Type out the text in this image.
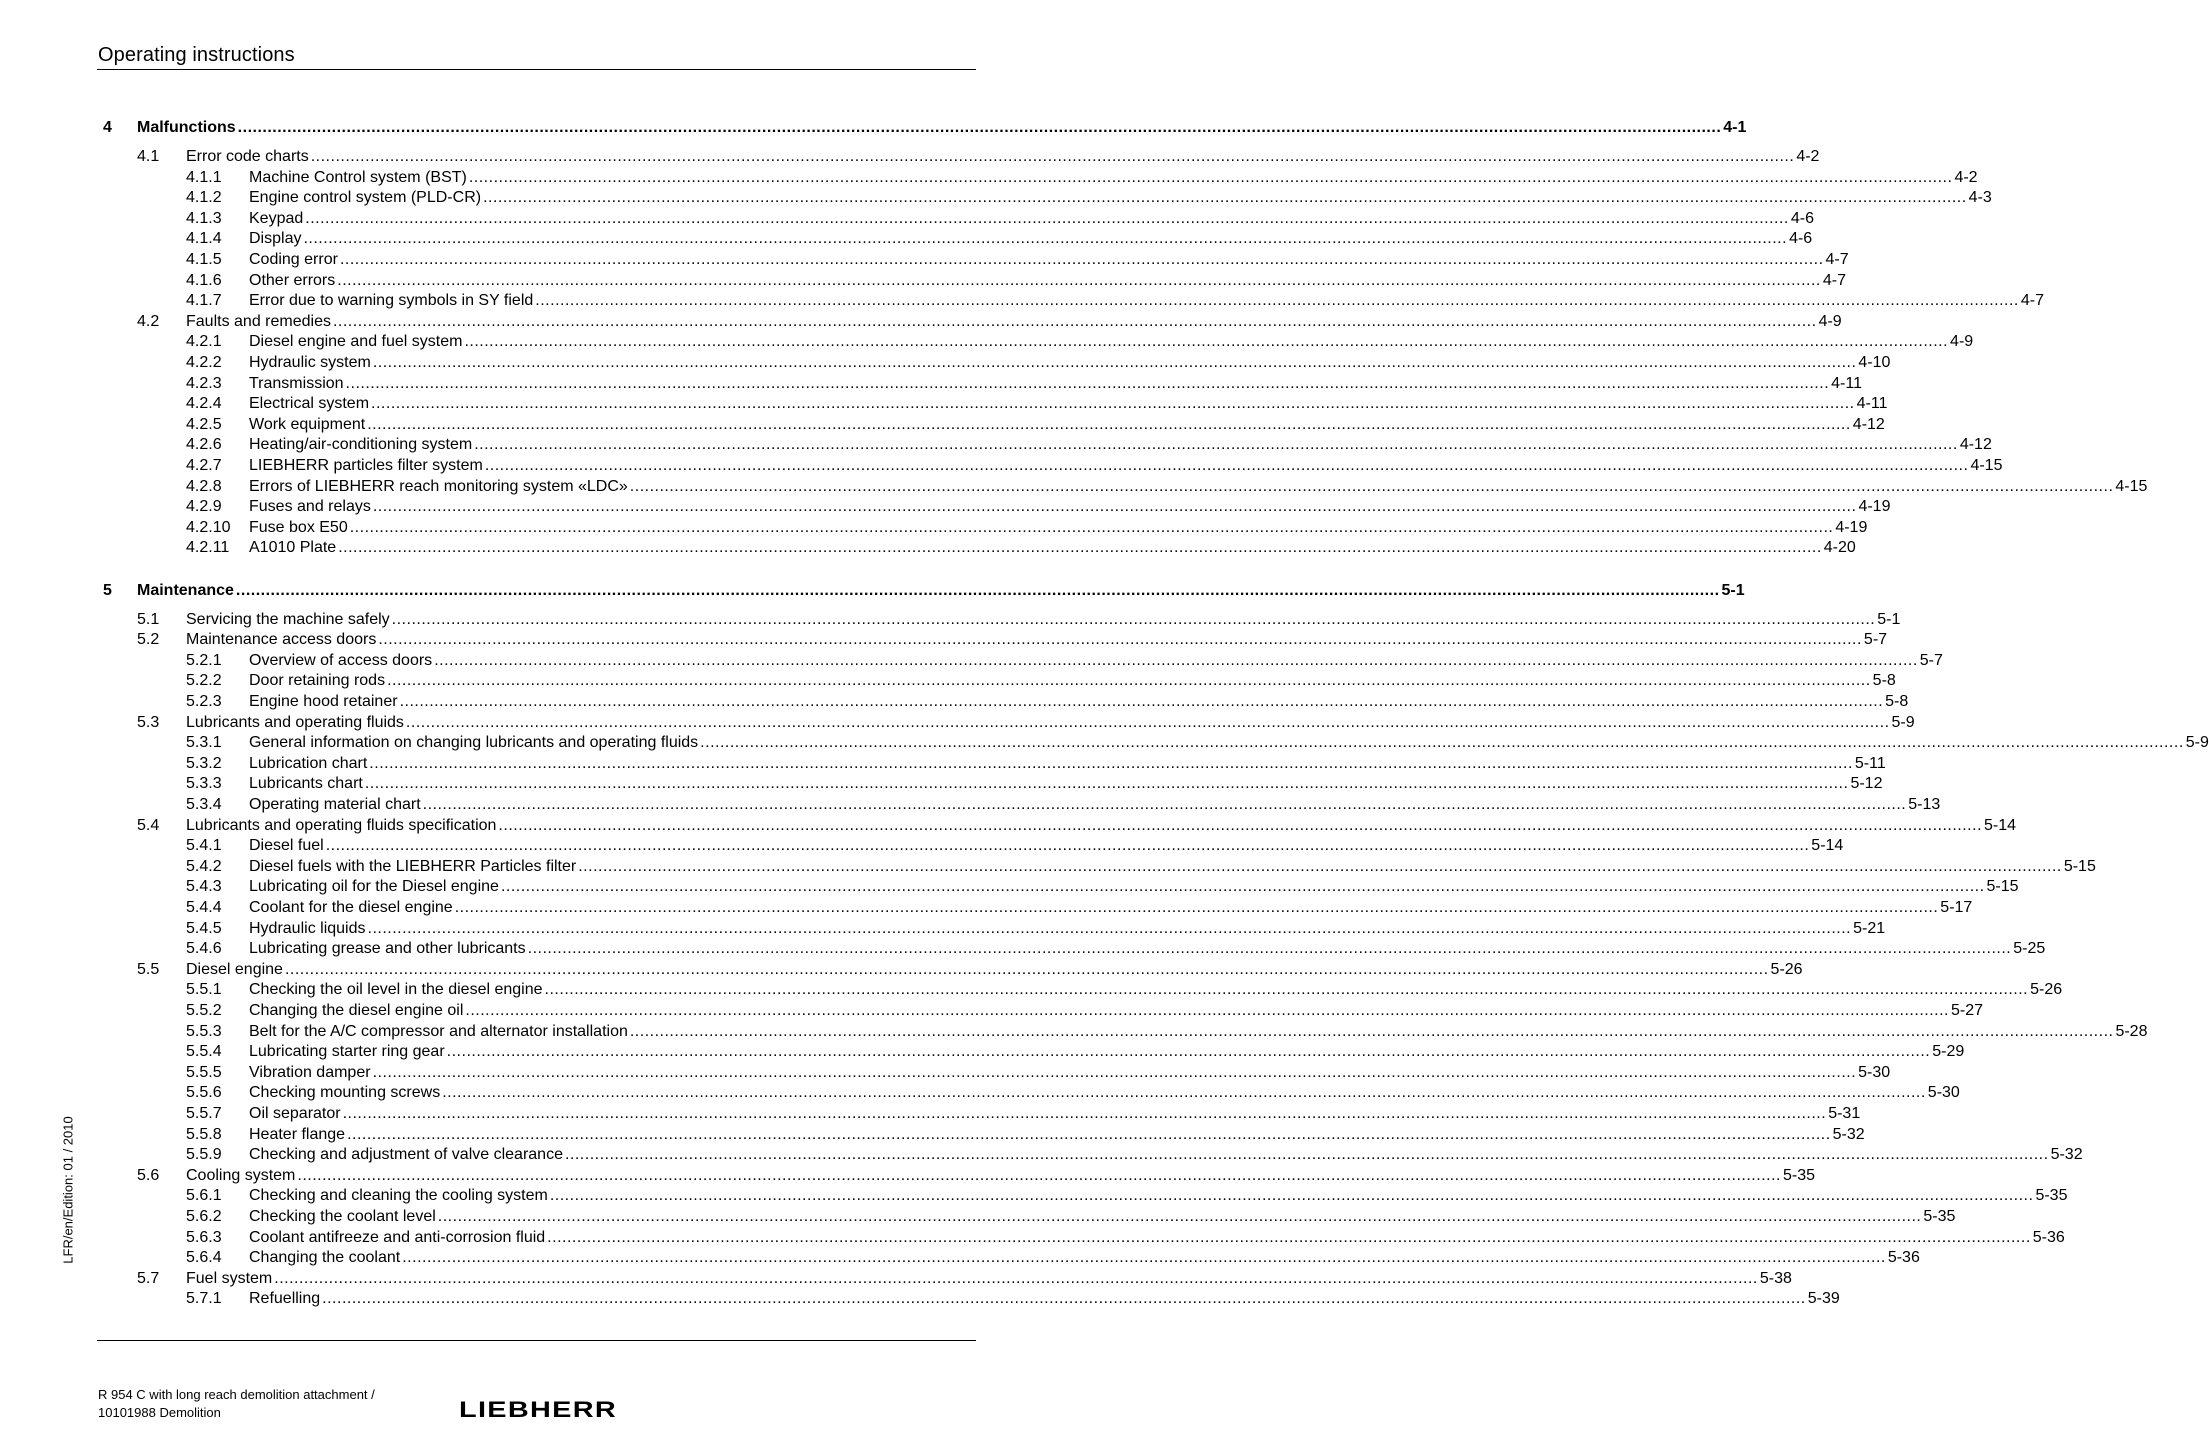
Operating instructions
4 Malfunctions ............................................................................................................................................................................................................................................................................................................ 4-1
4.1 Error code charts ............................................................................................................................................................................................................................................................................................................ 4-2
4.1.1 Machine Control system (BST) ............................................................................................................................................................................................................................................................................................................ 4-2
4.1.2 Engine control system (PLD-CR) ............................................................................................................................................................................................................................................................................................................ 4-3
4.1.3 Keypad ............................................................................................................................................................................................................................................................................................................ 4-6
4.1.4 Display ............................................................................................................................................................................................................................................................................................................ 4-6
4.1.5 Coding error ............................................................................................................................................................................................................................................................................................................ 4-7
4.1.6 Other errors ............................................................................................................................................................................................................................................................................................................ 4-7
4.1.7 Error due to warning symbols in SY field ............................................................................................................................................................................................................................................................................................................ 4-7
4.2 Faults and remedies ............................................................................................................................................................................................................................................................................................................ 4-9
4.2.1 Diesel engine and fuel system ............................................................................................................................................................................................................................................................................................................ 4-9
4.2.2 Hydraulic system ............................................................................................................................................................................................................................................................................................................ 4-10
4.2.3 Transmission ............................................................................................................................................................................................................................................................................................................ 4-11
4.2.4 Electrical system ............................................................................................................................................................................................................................................................................................................ 4-11
4.2.5 Work equipment ............................................................................................................................................................................................................................................................................................................ 4-12
4.2.6 Heating/air-conditioning system ............................................................................................................................................................................................................................................................................................................ 4-12
4.2.7 LIEBHERR particles filter system ............................................................................................................................................................................................................................................................................................................ 4-15
4.2.8 Errors of LIEBHERR reach monitoring system «LDC» ............................................................................................................................................................................................................................................................................................................ 4-15
4.2.9 Fuses and relays ............................................................................................................................................................................................................................................................................................................ 4-19
4.2.10 Fuse box E50 ............................................................................................................................................................................................................................................................................................................ 4-19
4.2.11 A1010 Plate ............................................................................................................................................................................................................................................................................................................ 4-20
5 Maintenance ............................................................................................................................................................................................................................................................................................................ 5-1
5.1 Servicing the machine safely ............................................................................................................................................................................................................................................................................................................ 5-1
5.2 Maintenance access doors ............................................................................................................................................................................................................................................................................................................ 5-7
5.2.1 Overview of access doors ............................................................................................................................................................................................................................................................................................................ 5-7
5.2.2 Door retaining rods ............................................................................................................................................................................................................................................................................................................ 5-8
5.2.3 Engine hood retainer ............................................................................................................................................................................................................................................................................................................ 5-8
5.3 Lubricants and operating fluids ............................................................................................................................................................................................................................................................................................................ 5-9
5.3.1 General information on changing lubricants and operating fluids ............................................................................................................................................................................................................................................................................................................ 5-9
5.3.2 Lubrication chart ............................................................................................................................................................................................................................................................................................................ 5-11
5.3.3 Lubricants chart ............................................................................................................................................................................................................................................................................................................ 5-12
5.3.4 Operating material chart ............................................................................................................................................................................................................................................................................................................ 5-13
5.4 Lubricants and operating fluids specification ............................................................................................................................................................................................................................................................................................................ 5-14
5.4.1 Diesel fuel ............................................................................................................................................................................................................................................................................................................ 5-14
5.4.2 Diesel fuels with the LIEBHERR Particles filter ............................................................................................................................................................................................................................................................................................................ 5-15
5.4.3 Lubricating oil for the Diesel engine ............................................................................................................................................................................................................................................................................................................ 5-15
5.4.4 Coolant for the diesel engine ............................................................................................................................................................................................................................................................................................................ 5-17
5.4.5 Hydraulic liquids ............................................................................................................................................................................................................................................................................................................ 5-21
5.4.6 Lubricating grease and other lubricants ............................................................................................................................................................................................................................................................................................................ 5-25
5.5 Diesel engine ............................................................................................................................................................................................................................................................................................................ 5-26
5.5.1 Checking the oil level in the diesel engine ............................................................................................................................................................................................................................................................................................................ 5-26
5.5.2 Changing the diesel engine oil ............................................................................................................................................................................................................................................................................................................ 5-27
5.5.3 Belt for the A/C compressor and alternator installation ............................................................................................................................................................................................................................................................................................................ 5-28
5.5.4 Lubricating starter ring gear ............................................................................................................................................................................................................................................................................................................ 5-29
5.5.5 Vibration damper ............................................................................................................................................................................................................................................................................................................ 5-30
5.5.6 Checking mounting screws ............................................................................................................................................................................................................................................................................................................ 5-30
5.5.7 Oil separator ............................................................................................................................................................................................................................................................................................................ 5-31
5.5.8 Heater flange ............................................................................................................................................................................................................................................................................................................ 5-32
5.5.9 Checking and adjustment of valve clearance ............................................................................................................................................................................................................................................................................................................ 5-32
5.6 Cooling system ............................................................................................................................................................................................................................................................................................................ 5-35
5.6.1 Checking and cleaning the cooling system ............................................................................................................................................................................................................................................................................................................ 5-35
5.6.2 Checking the coolant level ............................................................................................................................................................................................................................................................................................................ 5-35
5.6.3 Coolant antifreeze and anti-corrosion fluid ............................................................................................................................................................................................................................................................................................................ 5-36
5.6.4 Changing the coolant ............................................................................................................................................................................................................................................................................................................ 5-36
5.7 Fuel system ............................................................................................................................................................................................................................................................................................................ 5-38
5.7.1 Refuelling ............................................................................................................................................................................................................................................................................................................ 5-39
LFR/en/Edition: 01 / 2010
R 954 C with long reach demolition attachment /
10101988 Demolition	LIEBHERR
